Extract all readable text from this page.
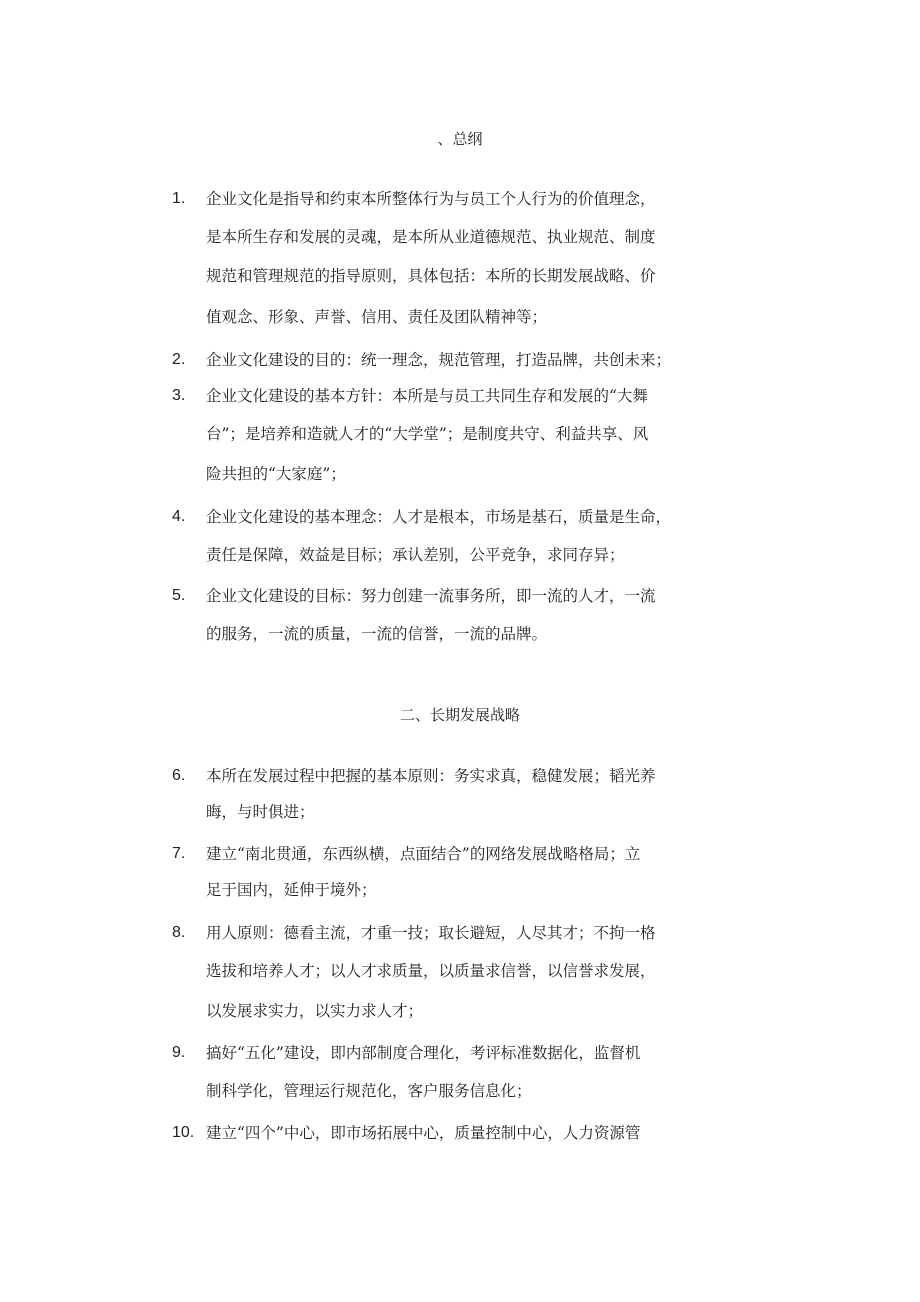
、总纲
1. 企业文化是指导和约束本所整体行为与员工个人行为的价值理念，
是本所生存和发展的灵魂，是本所从业道德规范、执业规范、制度
规范和管理规范的指导原则，具体包括：本所的长期发展战略、价
值观念、形象、声誉、信用、责任及团队精神等；
2. 企业文化建设的目的：统一理念，规范管理，打造品牌，共创未来；
3. 企业文化建设的基本方针：本所是与员工共同生存和发展的“大舞
台”；是培养和造就人才的“大学堂”；是制度共守、利益共享、风
险共担的“大家庭”；
4. 企业文化建设的基本理念：人才是根本，市场是基石，质量是生命，
责任是保障，效益是目标；承认差别，公平竞争，求同存异；
5. 企业文化建设的目标：努力创建一流事务所，即一流的人才，一流
的服务，一流的质量，一流的信誉，一流的品牌。
二、长期发展战略
6. 本所在发展过程中把握的基本原则：务实求真，稳健发展；韬光养
晦，与时俱进；
7. 建立“南北贯通，东西纵横，点面结合”的网络发展战略格局；立
足于国内，延伸于境外；
8. 用人原则：德看主流，才重一技；取长避短，人尽其才；不拘一格
选拔和培养人才；以人才求质量，以质量求信誉，以信誉求发展，
以发展求实力，以实力求人才；
9. 搞好“五化”建设，即内部制度合理化，考评标准数据化，监督机
制科学化，管理运行规范化，客户服务信息化；
10. 建立“四个”中心，即市场拓展中心，质量控制中心，人力资源管
